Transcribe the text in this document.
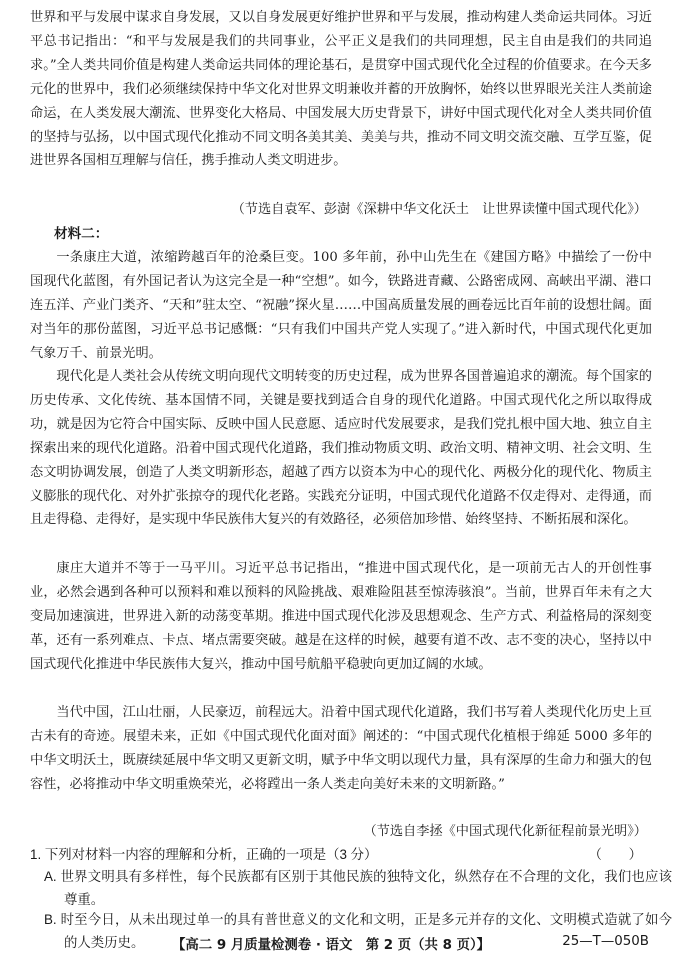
世界和平与发展中谋求自身发展，又以自身发展更好维护世界和平与发展，推动构建人类命运共同体。习近平总书记指出：“和平与发展是我们的共同事业，公平正义是我们的共同理想，民主自由是我们的共同追求。”全人类共同价值是构建人类命运共同体的理论基石，是贯穿中国式现代化全过程的价值要求。在今天多元化的世界中，我们必须继续保持中华文化对世界文明兼收并蓄的开放胸怀，始终以世界眼光关注人类前途命运，在人类发展大潮流、世界变化大格局、中国发展大历史背景下，讲好中国式现代化对全人类共同价值的坚持与弘扬，以中国式现代化推动不同文明各美其美、美美与共，推动不同文明交流交融、互学互鉴，促进世界各国相互理解与信任，携手推动人类文明进步。

（节选自袁军、彭澍《深耕中华文化沃土　让世界读懂中国式现代化》）
材料二：

一条康庄大道，浓缩跨越百年的沧桑巨变。100 多年前，孙中山先生在《建国方略》中描绘了一份中国现代化蓝图，有外国记者认为这完全是一种“空想”。如今，铁路进青藏、公路密成网、高峡出平湖、港口连五洋、产业门类齐、“天和”驻太空、“祝融”探火星……中国高质量发展的画卷远比百年前的设想壮阔。面对当年的那份蓝图，习近平总书记感慨：“只有我们中国共产党人实现了。”进入新时代，中国式现代化更加气象万千、前景光明。

现代化是人类社会从传统文明向现代文明转变的历史过程，成为世界各国普遍追求的潮流。每个国家的历史传承、文化传统、基本国情不同，关键是要找到适合自身的现代化道路。中国式现代化之所以取得成功，就是因为它符合中国实际、反映中国人民意愿、适应时代发展要求，是我们党扎根中国大地、独立自主探索出来的现代化道路。沿着中国式现代化道路，我们推动物质文明、政治文明、精神文明、社会文明、生态文明协调发展，创造了人类文明新形态，超越了西方以资本为中心的现代化、两极分化的现代化、物质主义膨胀的现代化、对外扩张掠夺的现代化老路。实践充分证明，中国式现代化道路不仅走得对、走得通，而且走得稳、走得好，是实现中华民族伟大复兴的有效路径，必须倍加珍惜、始终坚持、不断拓展和深化。

康庄大道并不等于一马平川。习近平总书记指出，“推进中国式现代化，是一项前无古人的开创性事业，必然会遇到各种可以预料和难以预料的风险挑战、艰难险阻甚至惊涛骇浪”。当前，世界百年未有之大变局加速演进，世界进入新的动荡变革期。推进中国式现代化涉及思想观念、生产方式、利益格局的深刻变革，还有一系列难点、卡点、堵点需要突破。越是在这样的时候，越要有道不改、志不变的决心，坚持以中国式现代化推进中华民族伟大复兴，推动中国号航船平稳驶向更加辽阔的水域。

当代中国，江山壮丽，人民豪迈，前程远大。沿着中国式现代化道路，我们书写着人类现代化历史上亘古未有的奇迹。展望未来，正如《中国式现代化面对面》阐述的：“中国式现代化植根于绵延 5000 多年的中华文明沃土，既赓续延展中华文明又更新文明，赋予中华文明以现代力量，具有深厚的生命力和强大的包容性，必将推动中华文明重焕荣光，必将蹚出一条人类走向美好未来的文明新路。”

（节选自李拯《中国式现代化新征程前景光明》）
1. 下列对材料一内容的理解和分析，正确的一项是（3 分）	（　　）
A. 世界文明具有多样性，每个民族都有区别于其他民族的独特文化，纵然存在不合理的文化，我们也应该尊重。
B. 时至今日，从未出现过单一的具有普世意义的文化和文明，正是多元并存的文化、文明模式造就了如今的人类历史。	【高二 9 月质量检测卷 · 语文　第 2 页（共 8 页）】	25—T—050B
